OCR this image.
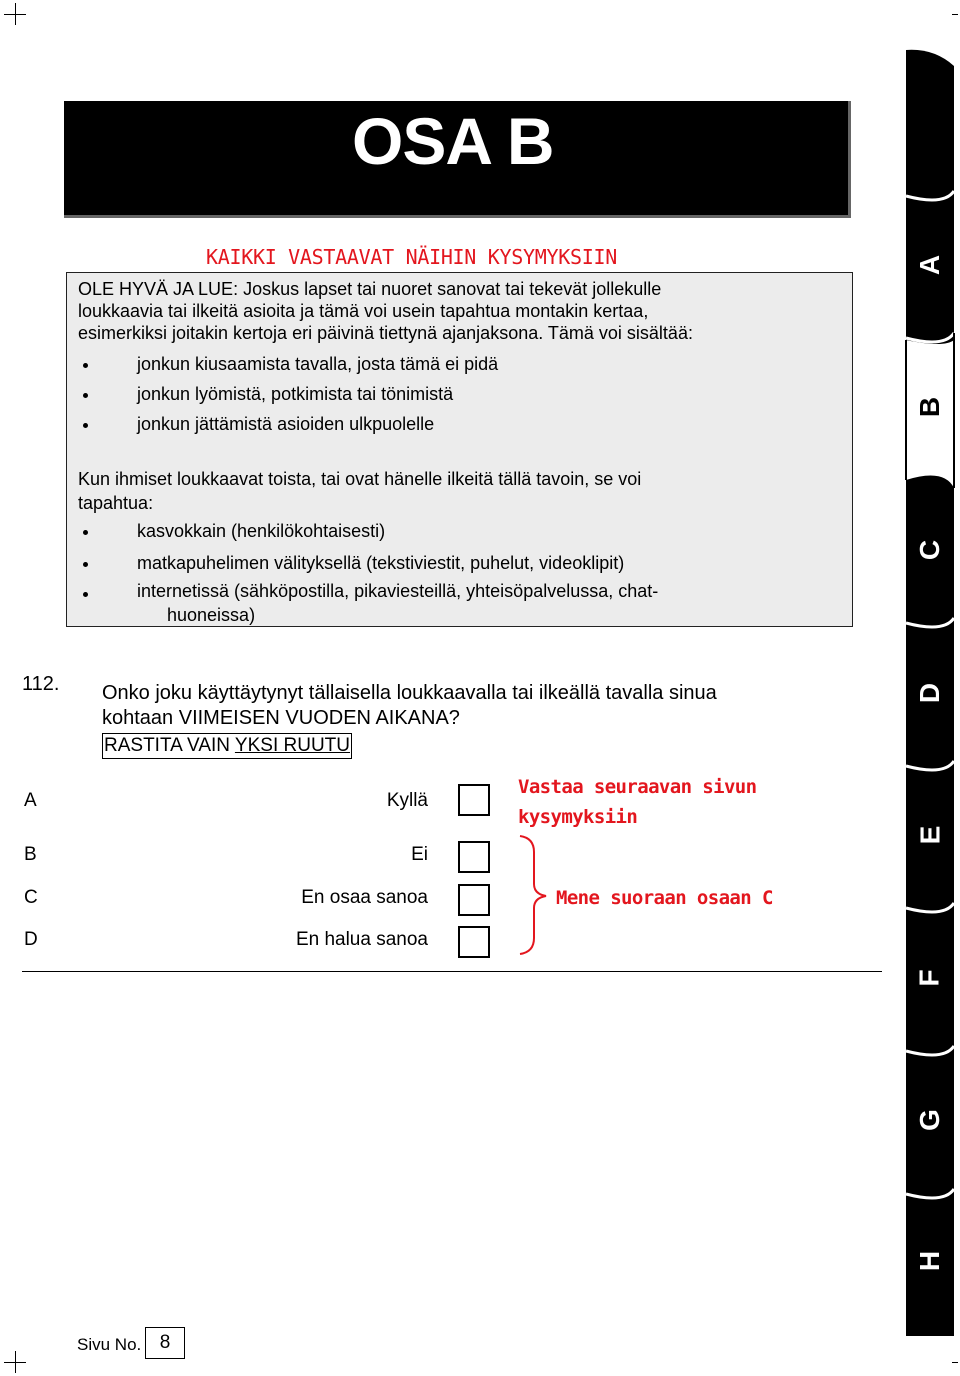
OSA B
KAIKKI VASTAAVAT NÄIHIN KYSYMYKSIIN
OLE HYVÄ JA LUE: Joskus lapset tai nuoret sanovat tai tekevät jollekulle
loukkaavia tai ilkeitä asioita ja tämä voi usein tapahtua montakin kertaa,
esimerkiksi joitakin kertoja eri päivinä tiettynä ajanjaksona. Tämä voi sisältää:
jonkun kiusaamista tavalla, josta tämä ei pidä
jonkun lyömistä, potkimista tai tönimistä
jonkun jättämistä asioiden ulkpuolelle
Kun ihmiset loukkaavat toista, tai ovat hänelle ilkeitä tällä tavoin, se voi
tapahtua:
kasvokkain (henkilökohtaisesti)
matkapuhelimen välityksellä (tekstiviestit, puhelut, videoklipit)
internetissä (sähköpostilla, pikaviesteillä, yhteisöpalvelussa, chat-
huoneissa)
112. Onko joku käyttäytynyt tällaisella loukkaavalla tai ilkeällä tavalla sinua
kohtaan VIIMEISEN VUODEN AIKANA?
RASTITA VAIN YKSI RUUTU
A	Kyllä
B	Ei
C	En osaa sanoa
D	En halua sanoa
Vastaa seuraavan sivun
kysymyksiin
Mene suoraan osaan C
A
B
C
D
E
F
G
H
Sivu No. 8
